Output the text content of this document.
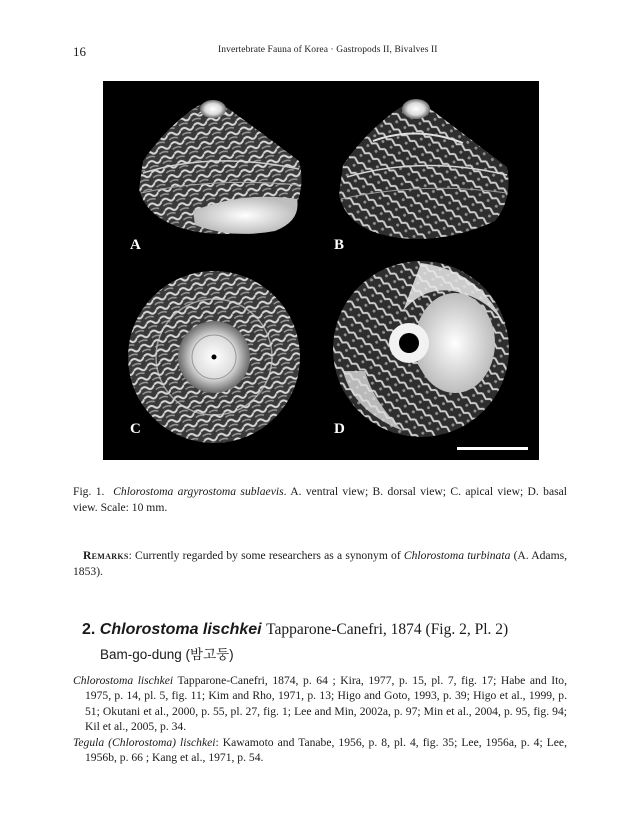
16	Invertebrate Fauna of Korea · Gastropods II, Bivalves II
A	B
C	D
Fig. 1. Chlorostoma argyrostoma sublaevis. A. ventral view; B. dorsal view; C. apical view; D. basal view. Scale: 10 mm.
Remarks: Currently regarded by some researchers as a synonym of Chlorostoma turbinata (A. Adams, 1853).
2. Chlorostoma lischkei Tapparone-Canefri, 1874 (Fig. 2, Pl. 2)
Bam-go-dung (밤고둥)
Chlorostoma lischkei Tapparone-Canefri, 1874, p. 64 ; Kira, 1977, p. 15, pl. 7, fig. 17; Habe and Ito, 1975, p. 14, pl. 5, fig. 11; Kim and Rho, 1971, p. 13; Higo and Goto, 1993, p. 39; Higo et al., 1999, p. 51; Okutani et al., 2000, p. 55, pl. 27, fig. 1; Lee and Min, 2002a, p. 97; Min et al., 2004, p. 95, fig. 94; Kil et al., 2005, p. 34.
Tegula (Chlorostoma) lischkei: Kawamoto and Tanabe, 1956, p. 8, pl. 4, fig. 35; Lee, 1956a, p. 4; Lee, 1956b, p. 66 ; Kang et al., 1971, p. 54.
